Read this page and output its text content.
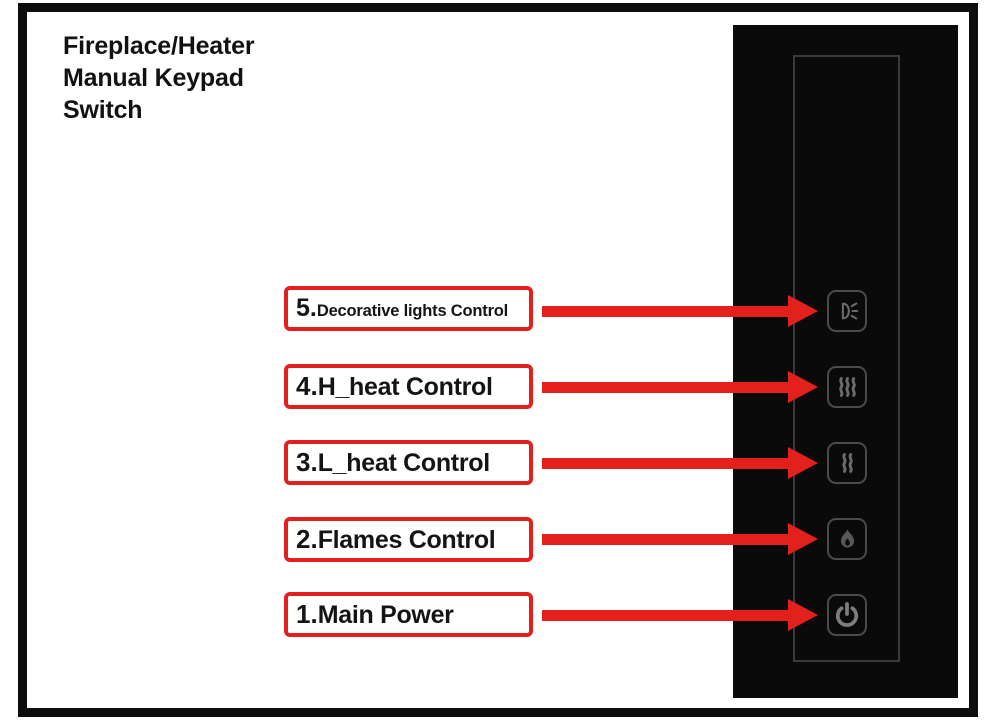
Fireplace/Heater
Manual Keypad
Switch
5. Decorative lights Control
4. H_heat Control
3. L_heat Control
2. Flames Control
1. Main Power
